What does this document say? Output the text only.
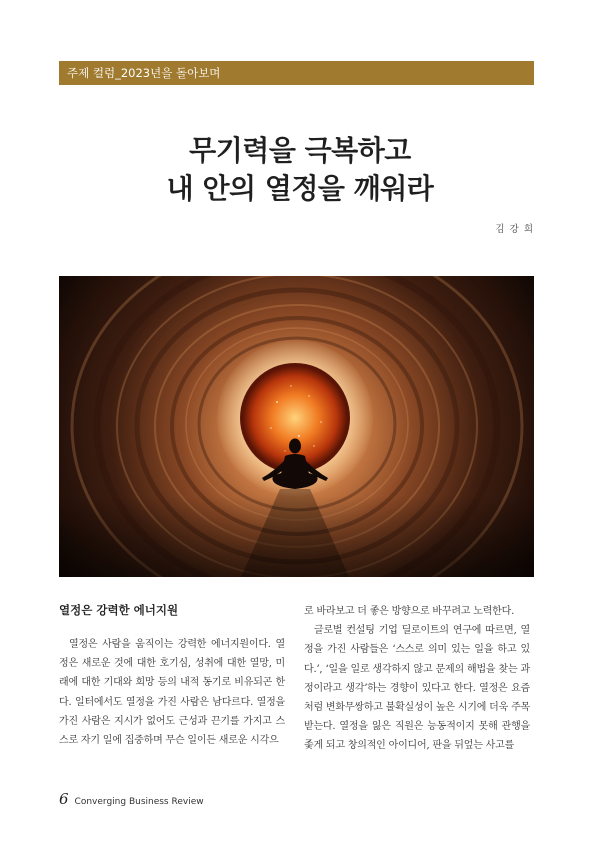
주제 컬럼_2023년을 돌아보며
무기력을 극복하고
내 안의 열정을 깨워라
김 강 희
열정은 강력한 에너지원

열정은 사람을 움직이는 강력한 에너지원이다. 열정은 새로운 것에 대한 호기심, 성취에 대한 열망, 미래에 대한 기대와 희망 등의 내적 동기로 비유되곤 한다. 일터에서도 열정을 가진 사람은 남다르다. 열정을 가진 사람은 지시가 없어도 근성과 끈기를 가지고 스스로 자기 일에 집중하며 무슨 일이든 새로운 시각으

로 바라보고 더 좋은 방향으로 바꾸려고 노력한다.

글로벌 컨설팅 기업 딜로이트의 연구에 따르면, 열정을 가진 사람들은 ‘스스로 의미 있는 일을 하고 있다.’, ‘일을 일로 생각하지 않고 문제의 해법을 찾는 과정이라고 생각’하는 경향이 있다고 한다. 열정은 요즘처럼 변화무쌍하고 불확실성이 높은 시기에 더욱 주목받는다. 열정을 잃은 직원은 능동적이지 못해 관행을 좇게 되고 창의적인 아이디어, 판을 뒤엎는 사고를

6 Converging Business Review
